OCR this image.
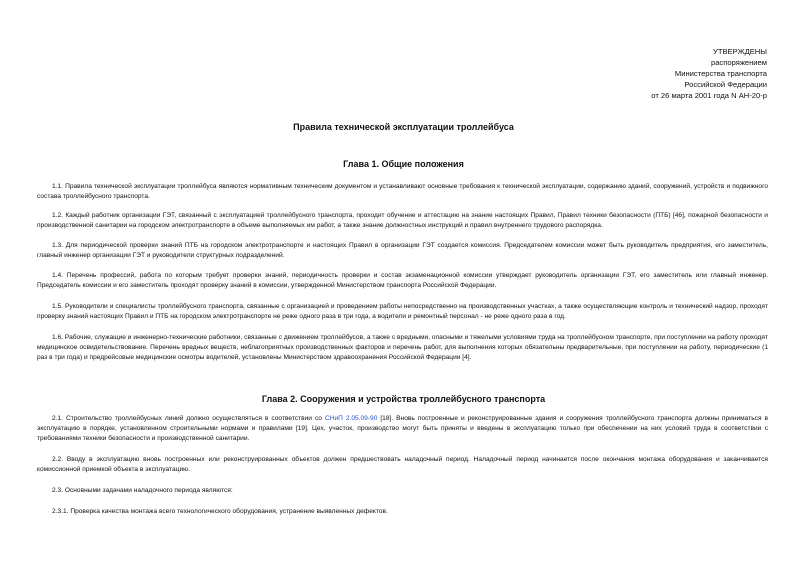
УТВЕРЖДЕНЫ
распоряжением
Министерства транспорта
Российской Федерации
от 26 марта 2001 года N АН-20-р
Правила технической эксплуатации троллейбуса
Глава 1. Общие положения
1.1. Правила технической эксплуатации троллейбуса являются нормативным техническим документом и устанавливают основные требования к технической эксплуатации, содержанию зданий, сооружений, устройств и подвижного состава троллейбусного транспорта.
1.2. Каждый работник организации ГЭТ, связанный с эксплуатацией троллейбусного транспорта, проходит обучение и аттестацию на знание настоящих Правил, Правил техники безопасности (ПТБ) [46], пожарной безопасности и производственной санитарии на городском электротранспорте в объеме выполняемых им работ, а также знание должностных инструкций и правил внутреннего трудового распорядка.
1.3. Для периодической проверки знаний ПТБ на городском электротранспорте и настоящих Правил в организации ГЭТ создается комиссия. Председателем комиссии может быть руководитель предприятия, его заместитель, главный инженер организации ГЭТ и руководители структурных подразделений.
1.4. Перечень профессий, работа по которым требует проверки знаний, периодичность проверки и состав экзаменационной комиссии утверждает руководитель организации ГЭТ, его заместитель или главный инженер. Председатель комиссии и его заместитель проходят проверку знаний в комиссии, утвержденной Министерством транспорта Российской Федерации.
1.5. Руководители и специалисты троллейбусного транспорта, связанные с организацией и проведением работы непосредственно на производственных участках, а также осуществляющие контроль и технический надзор, проходят проверку знаний настоящих Правил и ПТБ на городском электротранспорте не реже одного раза в три года, а водители и ремонтный персонал - не реже одного раза в год.
1.6. Рабочие, служащие и инженерно-технические работники, связанные с движением троллейбусов, а также с вредными, опасными и тяжелыми условиями труда на троллейбусном транспорте, при поступлении на работу проходят медицинское освидетельствование. Перечень вредных веществ, неблагоприятных производственных факторов и перечень работ, для выполнения которых обязательны предварительные, при поступлении на работу, периодические (1 раз в три года) и предрейсовые медицинские осмотры водителей, установлены Министерством здравоохранения Российской Федерации [4].
Глава 2. Сооружения и устройства троллейбусного транспорта
2.1. Строительство троллейбусных линий должно осуществляться в соответствии со СНиП 2.05.09-90 [18]. Вновь построенные и реконструированные здания и сооружения троллейбусного транспорта должны приниматься в эксплуатацию в порядке, установленном строительными нормами и правилами [19]. Цех, участок, производство могут быть приняты и введены в эксплуатацию только при обеспечении на них условий труда в соответствии с требованиями техники безопасности и производственной санитарии.
2.2. Вводу в эксплуатацию вновь построенных или реконструированных объектов должен предшествовать наладочный период. Наладочный период начинается после окончания монтажа оборудования и заканчивается комиссионной приемкой объекта в эксплуатацию.
2.3. Основными задачами наладочного периода являются:
2.3.1. Проверка качества монтажа всего технологического оборудования, устранение выявленных дефектов.
